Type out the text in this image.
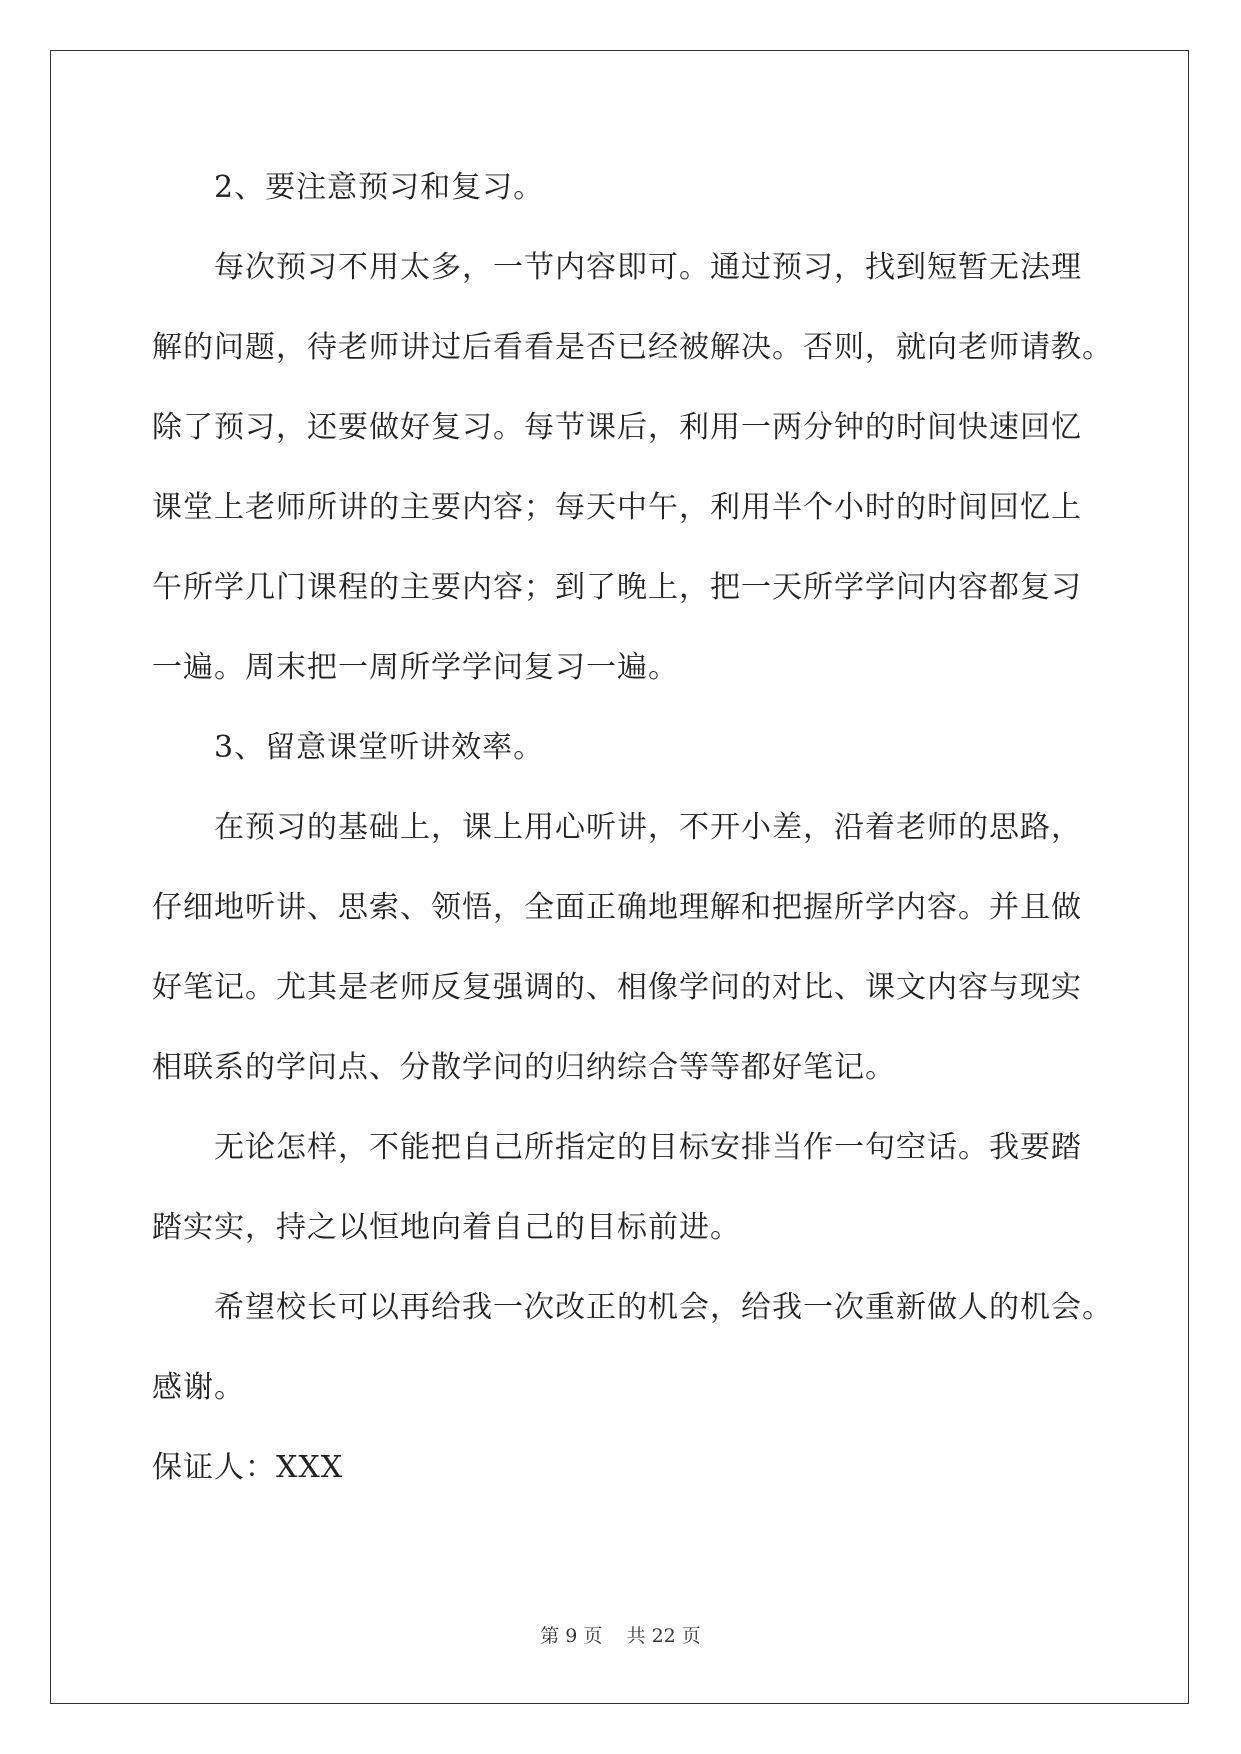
2、要注意预习和复习。
每次预习不用太多，一节内容即可。通过预习，找到短暂无法理
解的问题，待老师讲过后看看是否已经被解决。否则，就向老师请教。
除了预习，还要做好复习。每节课后，利用一两分钟的时间快速回忆
课堂上老师所讲的主要内容；每天中午，利用半个小时的时间回忆上
午所学几门课程的主要内容；到了晚上，把一天所学学问内容都复习
一遍。周末把一周所学学问复习一遍。
3、留意课堂听讲效率。
在预习的基础上，课上用心听讲，不开小差，沿着老师的思路，
仔细地听讲、思索、领悟，全面正确地理解和把握所学内容。并且做
好笔记。尤其是老师反复强调的、相像学问的对比、课文内容与现实
相联系的学问点、分散学问的归纳综合等等都好笔记。
无论怎样，不能把自己所指定的目标安排当作一句空话。我要踏
踏实实，持之以恒地向着自己的目标前进。
希望校长可以再给我一次改正的机会，给我一次重新做人的机会。
感谢。
保证人：XXX
第 9 页    共 22 页
